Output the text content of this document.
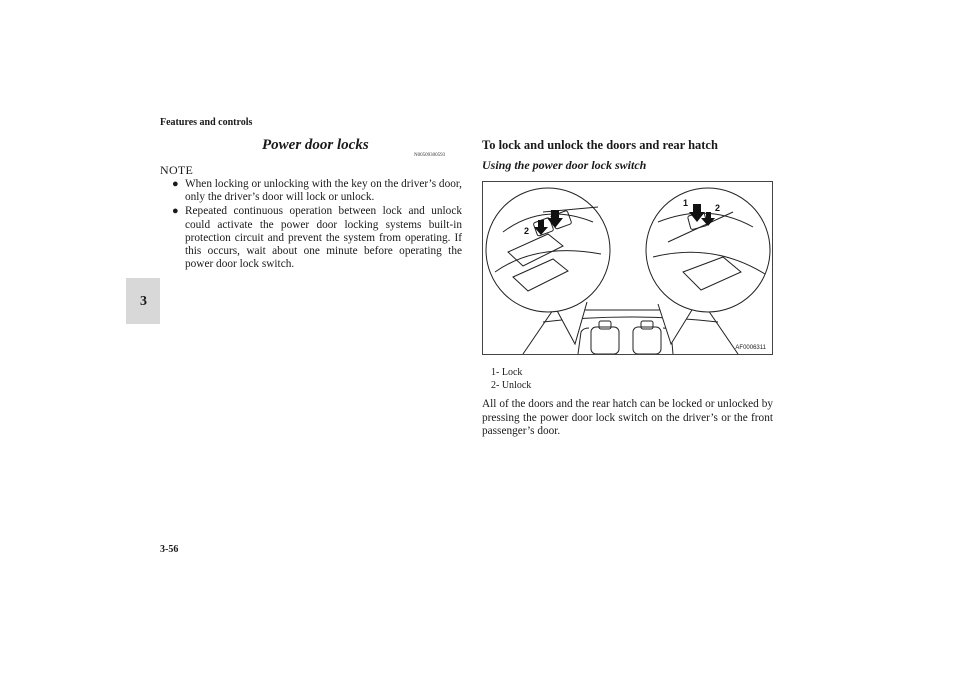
Features and controls
3
Power door locks
N00509300593
NOTE
● When locking or unlocking with the key on the driver’s door, only the driver’s door will lock or unlock.
● Repeated continuous operation between lock and unlock could activate the power door locking systems built-in protection circuit and prevent the system from operating. If this occurs, wait about one minute before operating the power door lock switch.
To lock and unlock the doors and rear hatch
Using the power door lock switch
2
1
1	2
AF0006311
1- Lock
2- Unlock
All of the doors and the rear hatch can be locked or unlocked by pressing the power door lock switch on the driver’s or the front passenger’s door.
3-56
